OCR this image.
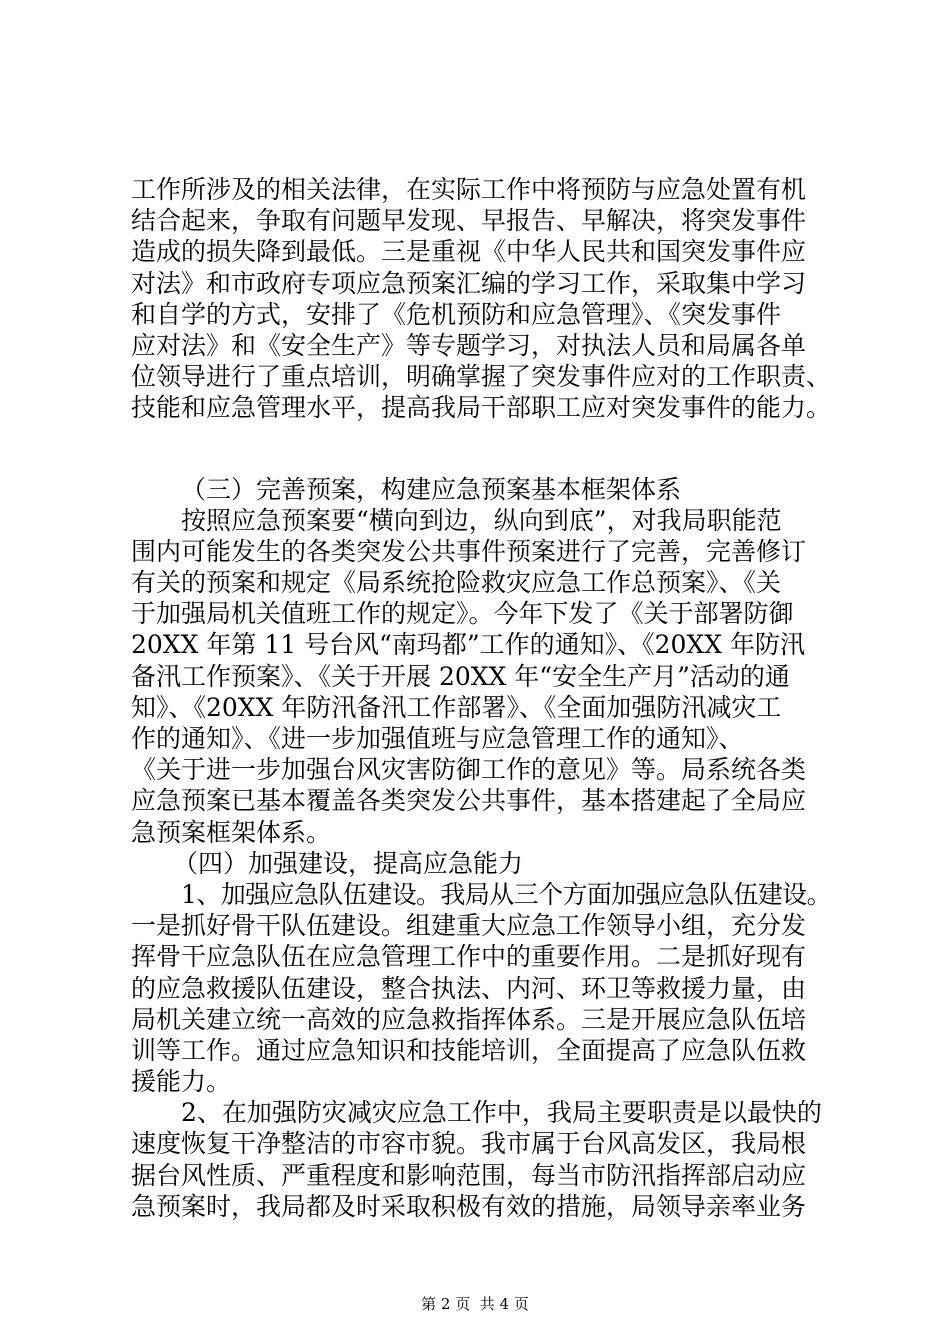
工作所涉及的相关法律，在实际工作中将预防与应急处置有机
结合起来，争取有问题早发现、早报告、早解决，将突发事件
造成的损失降到最低。三是重视《中华人民共和国突发事件应
对法》和市政府专项应急预案汇编的学习工作，采取集中学习
和自学的方式，安排了《危机预防和应急管理》、《突发事件
应对法》和《安全生产》等专题学习，对执法人员和局属各单
位领导进行了重点培训，明确掌握了突发事件应对的工作职责、
技能和应急管理水平，提高我局干部职工应对突发事件的能力。
（三）完善预案，构建应急预案基本框架体系
按照应急预案要“横向到边，纵向到底”，对我局职能范
围内可能发生的各类突发公共事件预案进行了完善，完善修订
有关的预案和规定《局系统抢险救灾应急工作总预案》、《关
于加强局机关值班工作的规定》。今年下发了《关于部署防御
20XX 年第 11 号台风“南玛都”工作的通知》、《20XX 年防汛
备汛工作预案》、《关于开展 20XX 年“安全生产月”活动的通
知》、《20XX 年防汛备汛工作部署》、《全面加强防汛减灾工
作的通知》、《进一步加强值班与应急管理工作的通知》、
《关于进一步加强台风灾害防御工作的意见》等。局系统各类
应急预案已基本覆盖各类突发公共事件，基本搭建起了全局应
急预案框架体系。
（四）加强建设，提高应急能力
1、加强应急队伍建设。我局从三个方面加强应急队伍建设。
一是抓好骨干队伍建设。组建重大应急工作领导小组，充分发
挥骨干应急队伍在应急管理工作中的重要作用。二是抓好现有
的应急救援队伍建设，整合执法、内河、环卫等救援力量，由
局机关建立统一高效的应急救指挥体系。三是开展应急队伍培
训等工作。通过应急知识和技能培训，全面提高了应急队伍救
援能力。
2、在加强防灾减灾应急工作中，我局主要职责是以最快的
速度恢复干净整洁的市容市貌。我市属于台风高发区，我局根
据台风性质、严重程度和影响范围，每当市防汛指挥部启动应
急预案时，我局都及时采取积极有效的措施，局领导亲率业务
第 2 页  共 4 页
